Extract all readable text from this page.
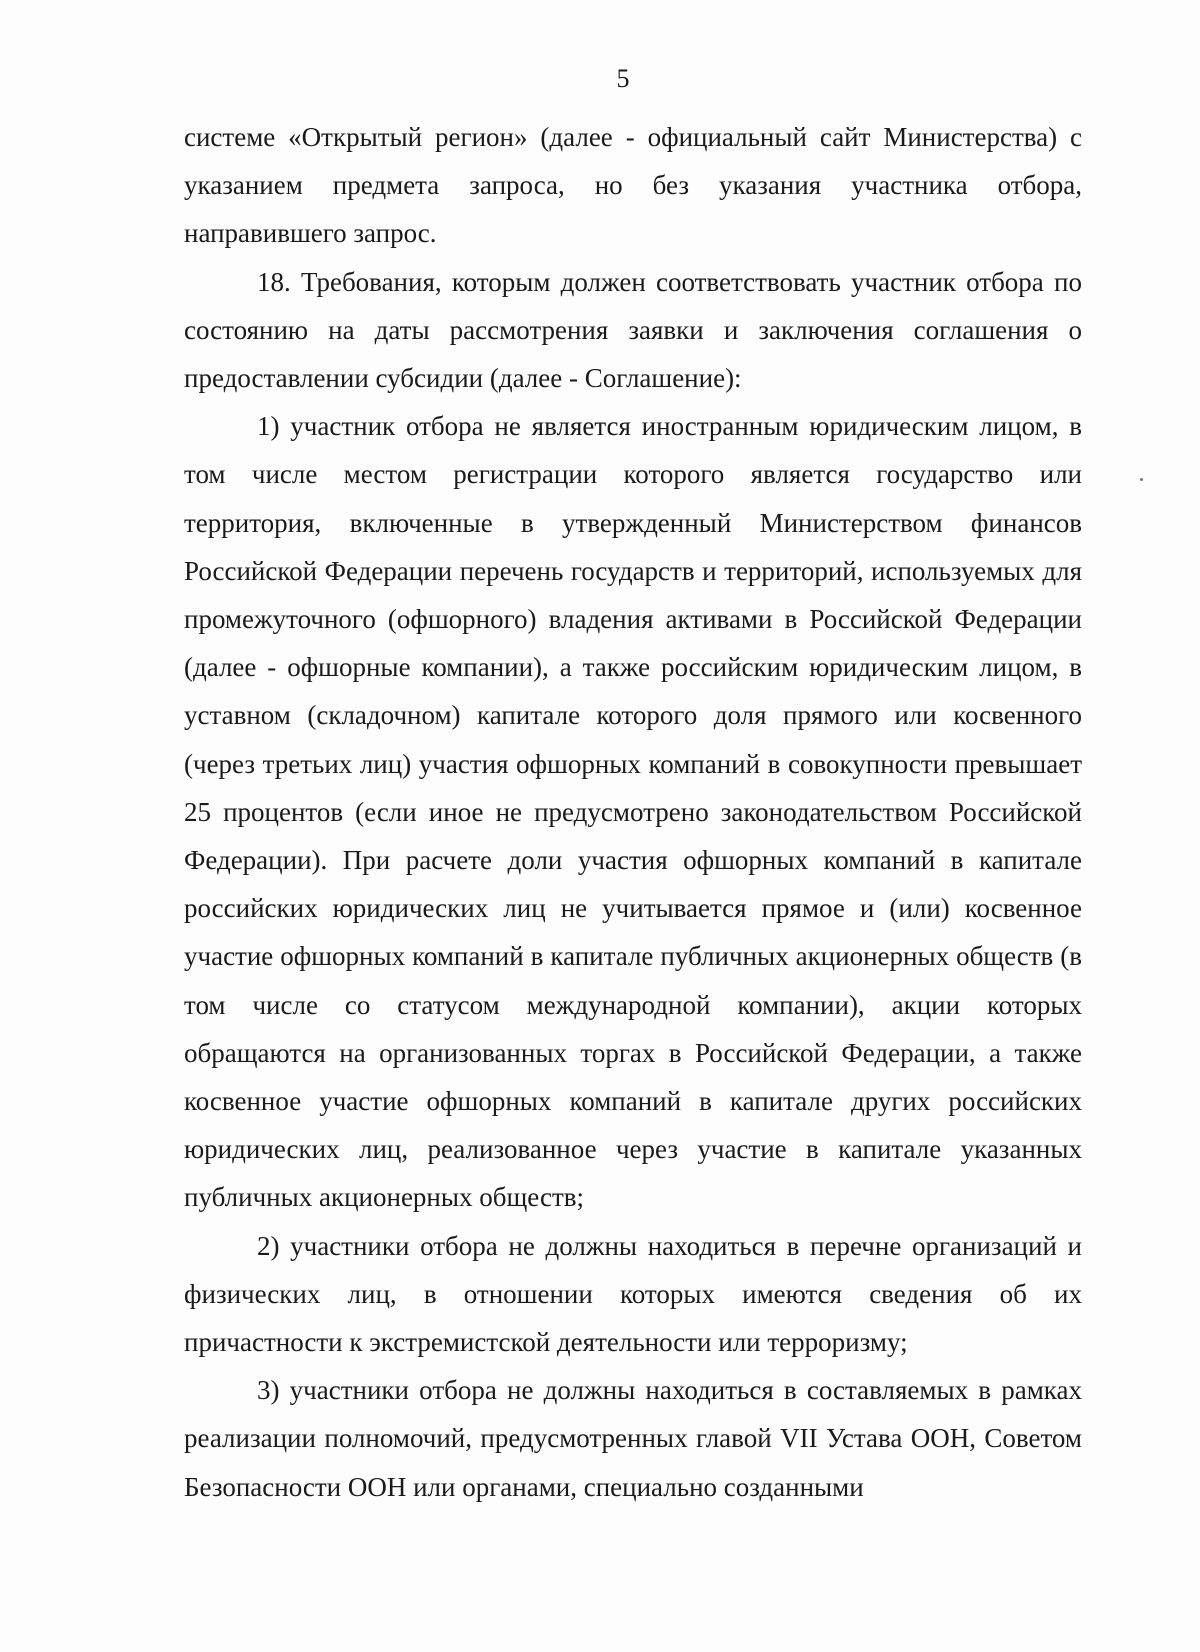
5

системе «Открытый регион» (далее - официальный сайт Министерства) с указанием предмета запроса, но без указания участника отбора, направившего запрос.

18. Требования, которым должен соответствовать участник отбора по состоянию на даты рассмотрения заявки и заключения соглашения о предоставлении субсидии (далее - Соглашение):

1) участник отбора не является иностранным юридическим лицом, в том числе местом регистрации которого является государство или территория, включенные в утвержденный Министерством финансов Российской Федерации перечень государств и территорий, используемых для промежуточного (офшорного) владения активами в Российской Федерации (далее - офшорные компании), а также российским юридическим лицом, в уставном (складочном) капитале которого доля прямого или косвенного (через третьих лиц) участия офшорных компаний в совокупности превышает 25 процентов (если иное не предусмотрено законодательством Российской Федерации). При расчете доли участия офшорных компаний в капитале российских юридических лиц не учитывается прямое и (или) косвенное участие офшорных компаний в капитале публичных акционерных обществ (в том числе со статусом международной компании), акции которых обращаются на организованных торгах в Российской Федерации, а также косвенное участие офшорных компаний в капитале других российских юридических лиц, реализованное через участие в капитале указанных публичных акционерных обществ;

2) участники отбора не должны находиться в перечне организаций и физических лиц, в отношении которых имеются сведения об их причастности к экстремистской деятельности или терроризму;

3) участники отбора не должны находиться в составляемых в рамках реализации полномочий, предусмотренных главой VII Устава ООН, Советом Безопасности ООН или органами, специально созданными
